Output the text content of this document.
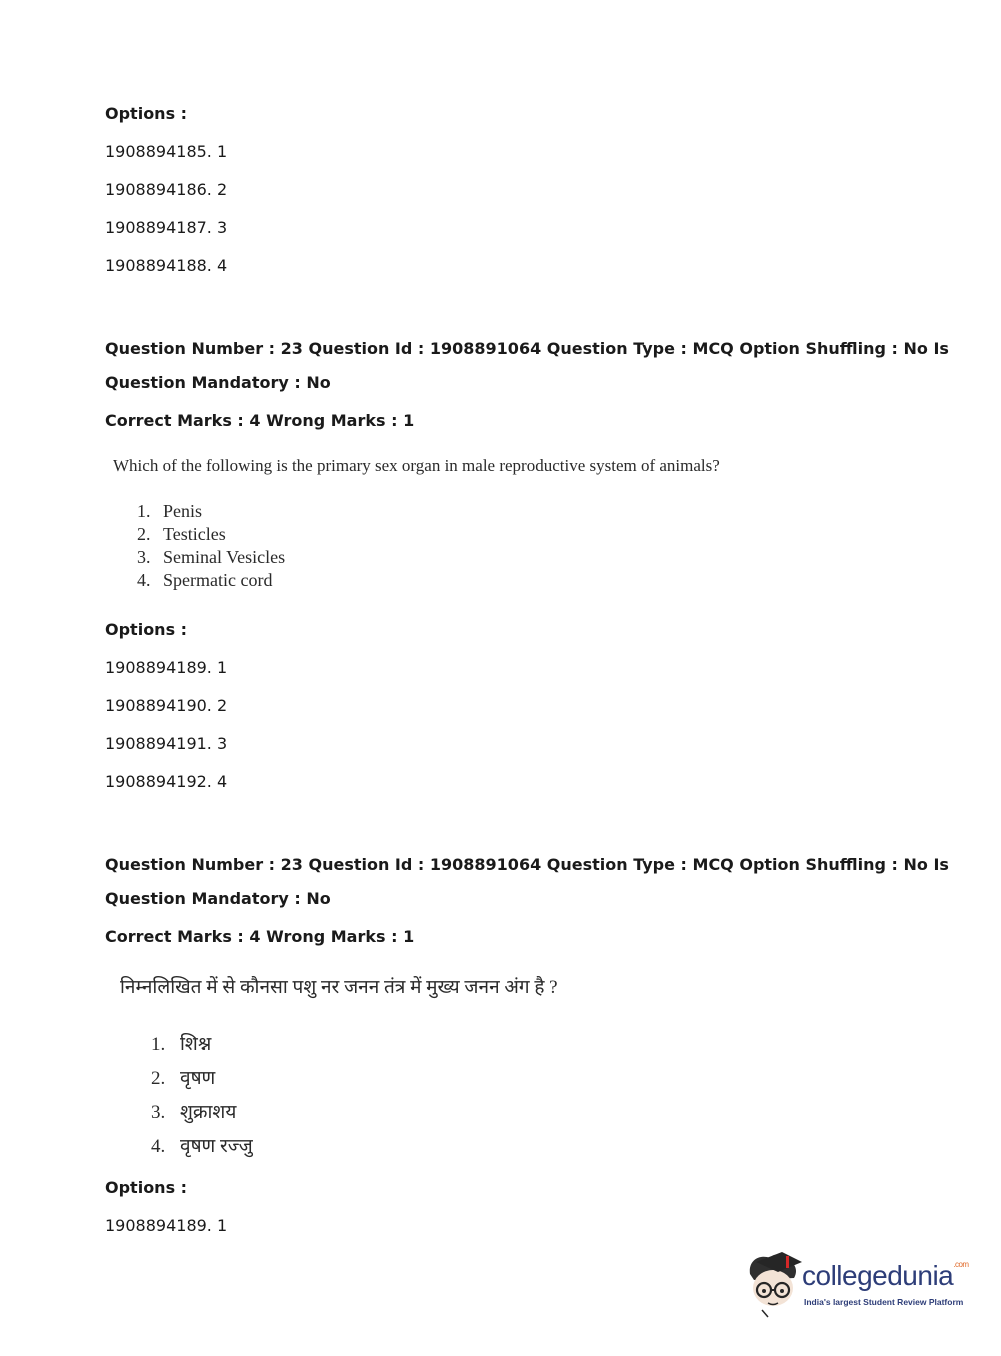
Options :
1908894185. 1
1908894186. 2
1908894187. 3
1908894188. 4
Question Number : 23 Question Id : 1908891064 Question Type : MCQ Option Shuffling : No Is
Question Mandatory : No
Correct Marks : 4 Wrong Marks : 1
Which of the following is the primary sex organ in male reproductive system of animals?
1. Penis
2. Testicles
3. Seminal Vesicles
4. Spermatic cord
Options :
1908894189. 1
1908894190. 2
1908894191. 3
1908894192. 4
Question Number : 23 Question Id : 1908891064 Question Type : MCQ Option Shuffling : No Is
Question Mandatory : No
Correct Marks : 4 Wrong Marks : 1
निम्नलिखित में से कौनसा पशु नर जनन तंत्र में मुख्य जनन अंग है ?
1. शिश्न
2. वृषण
3. शुक्राशय
4. वृषण रज्जु
Options :
1908894189. 1
collegedunia$^{.com}$
India's largest Student Review Platform
